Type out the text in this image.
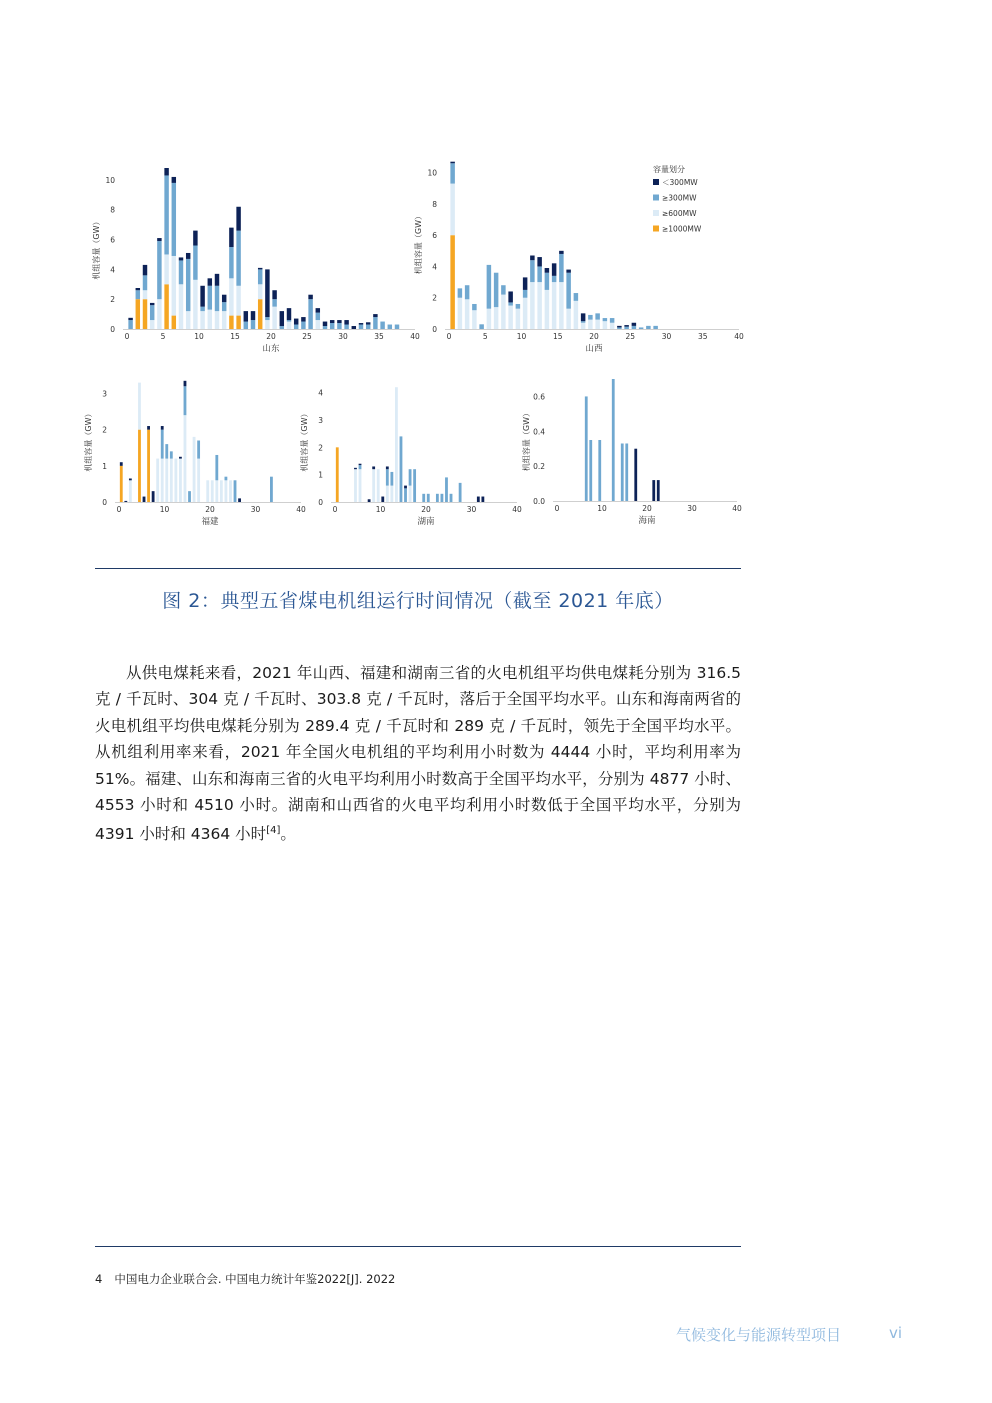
0	5	10	15	20	25	30	35	40
0
2
4
6
8
10
机组容量（GW）
山东
0	5	10	15	20	25	30	35	40
0
2
4
6
8
10
机组容量（GW）
山西
0	10	20	30	40
0
1
2
3
机组容量（GW）
福建
0	10	20	30	40
0
1
2
3
4
机组容量（GW）
湖南
0	10	20	30	40
0.0
0.2
0.4
0.6
机组容量（GW）
海南
容量划分
＜300MW
≥300MW
≥600MW
≥1000MW
图 2：典型五省煤电机组运行时间情况（截至 2021 年底）

从供电煤耗来看，2021 年山西、福建和湖南三省的火电机组平均供电煤耗分别为 316.5 克 / 千瓦时、304 克 / 千瓦时、303.8 克 / 千瓦时，落后于全国平均水平。山东和海南两省的火电机组平均供电煤耗分别为 289.4 克 / 千瓦时和 289 克 / 千瓦时，领先于全国平均水平。从机组利用率来看，2021 年全国火电机组的平均利用小时数为 4444 小时，平均利用率为 51%。福建、山东和海南三省的火电平均利用小时数高于全国平均水平，分别为 4877 小时、4553 小时和 4510 小时。湖南和山西省的火电平均利用小时数低于全国平均水平，分别为 4391 小时和 4364 小时[4]。

4 中国电力企业联合会. 中国电力统计年鉴2022[J]. 2022
气候变化与能源转型项目	vi
